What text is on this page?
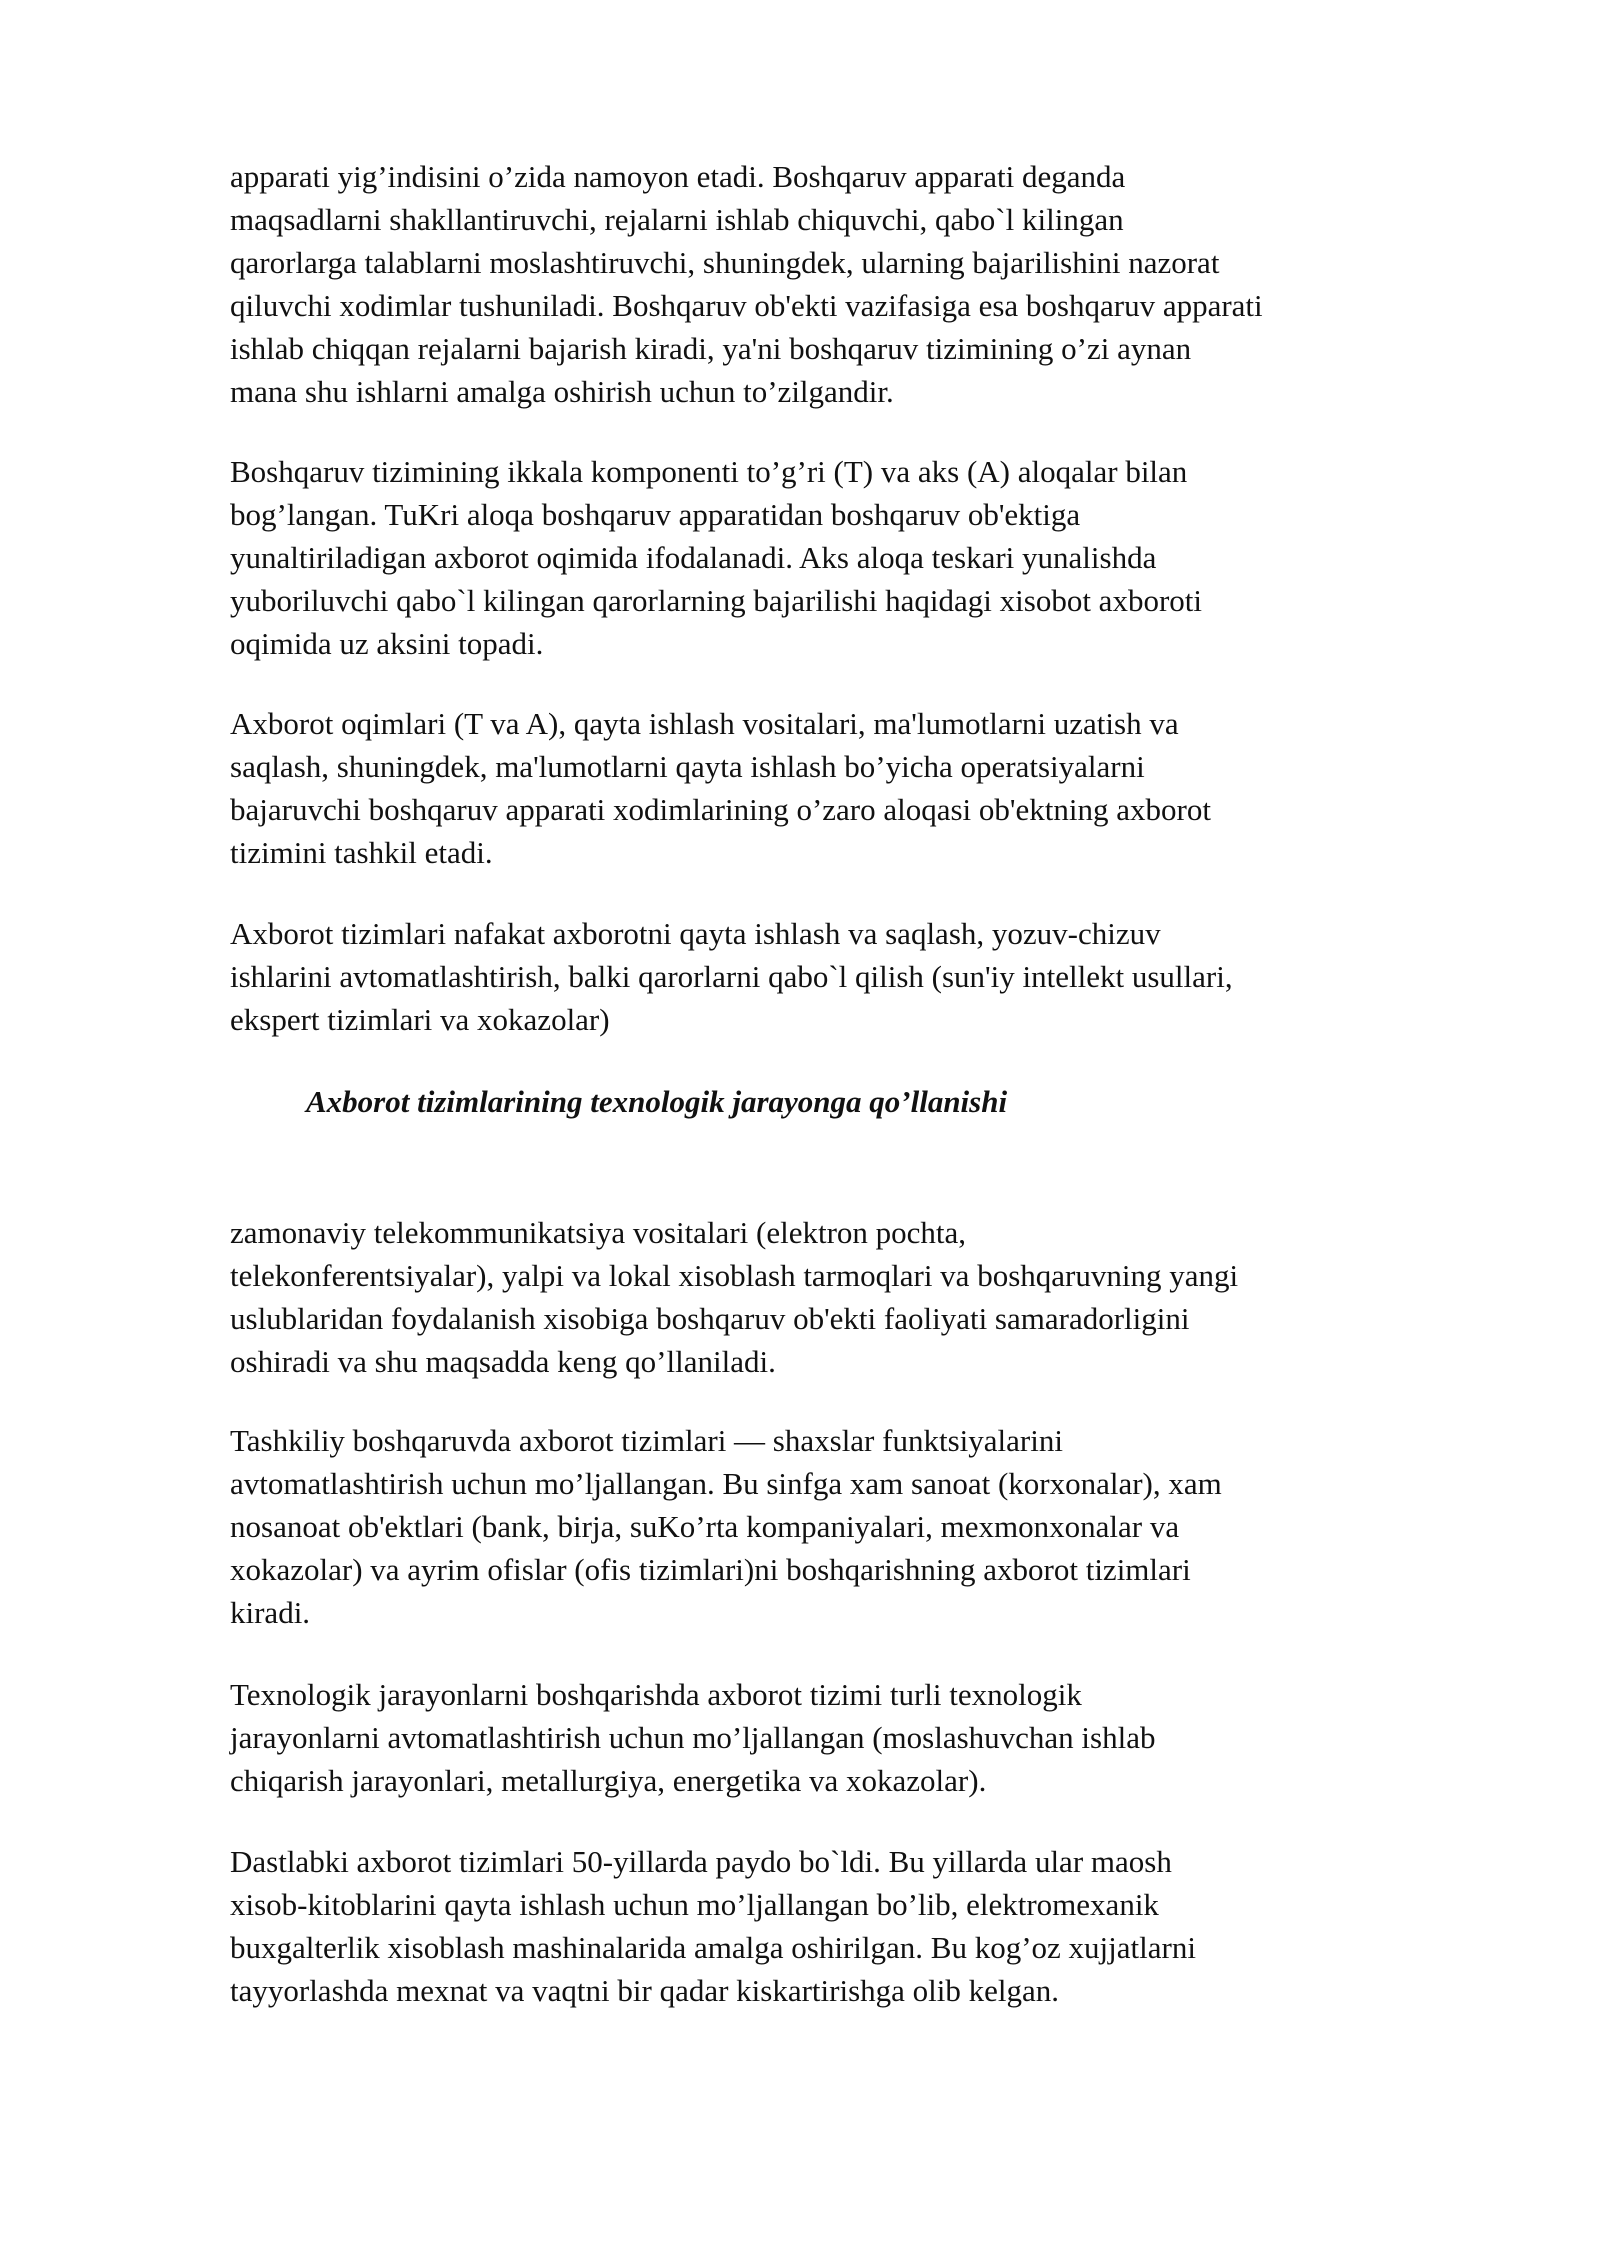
apparati yig’indisini o’zida namoyon etadi. Boshqaruv apparati deganda
maqsadlarni shakllantiruvchi, rejalarni ishlab chiquvchi, qabo`l kilingan
qarorlarga talablarni moslashtiruvchi, shuningdek, ularning bajarilishini nazorat
qiluvchi xodimlar tushuniladi. Boshqaruv ob'ekti vazifasiga esa boshqaruv apparati
ishlab chiqqan rejalarni bajarish kiradi, ya'ni boshqaruv tizimining o’zi aynan
mana shu ishlarni amalga oshirish uchun to’zilgandir.

Boshqaruv tizimining ikkala komponenti to’g’ri (T) va aks (A) aloqalar bilan
bog’langan. TuKri aloqa boshqaruv apparatidan boshqaruv ob'ektiga
yunaltiriladigan axborot oqimida ifodalanadi. Aks aloqa teskari yunalishda
yuboriluvchi qabo`l kilingan qarorlarning bajarilishi haqidagi xisobot axboroti
oqimida uz aksini topadi.

Axborot oqimlari (T va A), qayta ishlash vositalari, ma'lumotlarni uzatish va
saqlash, shuningdek, ma'lumotlarni qayta ishlash bo’yicha operatsiyalarni
bajaruvchi boshqaruv apparati xodimlarining o’zaro aloqasi ob'ektning axborot
tizimini tashkil etadi.

Axborot tizimlari nafakat axborotni qayta ishlash va saqlash, yozuv-chizuv
ishlarini avtomatlashtirish, balki qarorlarni qabo`l qilish (sun'iy intellekt usullari,
ekspert tizimlari va xokazolar)

Axborot tizimlarining texnologik jarayonga qo’llanishi

zamonaviy telekommunikatsiya vositalari (elektron pochta,
telekonferentsiyalar), yalpi va lokal xisoblash tarmoqlari va boshqaruvning yangi
uslublaridan foydalanish xisobiga boshqaruv ob'ekti faoliyati samaradorligini
oshiradi va shu maqsadda keng qo’llaniladi.

Tashkiliy boshqaruvda axborot tizimlari — shaxslar funktsiyalarini
avtomatlashtirish uchun mo’ljallangan. Bu sinfga xam sanoat (korxonalar), xam
nosanoat ob'ektlari (bank, birja, suKo’rta kompaniyalari, mexmonxonalar va
xokazolar) va ayrim ofislar (ofis tizimlari)ni boshqarishning axborot tizimlari
kiradi.

Texnologik jarayonlarni boshqarishda axborot tizimi turli texnologik
jarayonlarni avtomatlashtirish uchun mo’ljallangan (moslashuvchan ishlab
chiqarish jarayonlari, metallurgiya, energetika va xokazolar).

Dastlabki axborot tizimlari 50-yillarda paydo bo`ldi. Bu yillarda ular maosh
xisob-kitoblarini qayta ishlash uchun mo’ljallangan bo’lib, elektromexanik
buxgalterlik xisoblash mashinalarida amalga oshirilgan. Bu kog’oz xujjatlarni
tayyorlashda mexnat va vaqtni bir qadar kiskartirishga olib kelgan.
